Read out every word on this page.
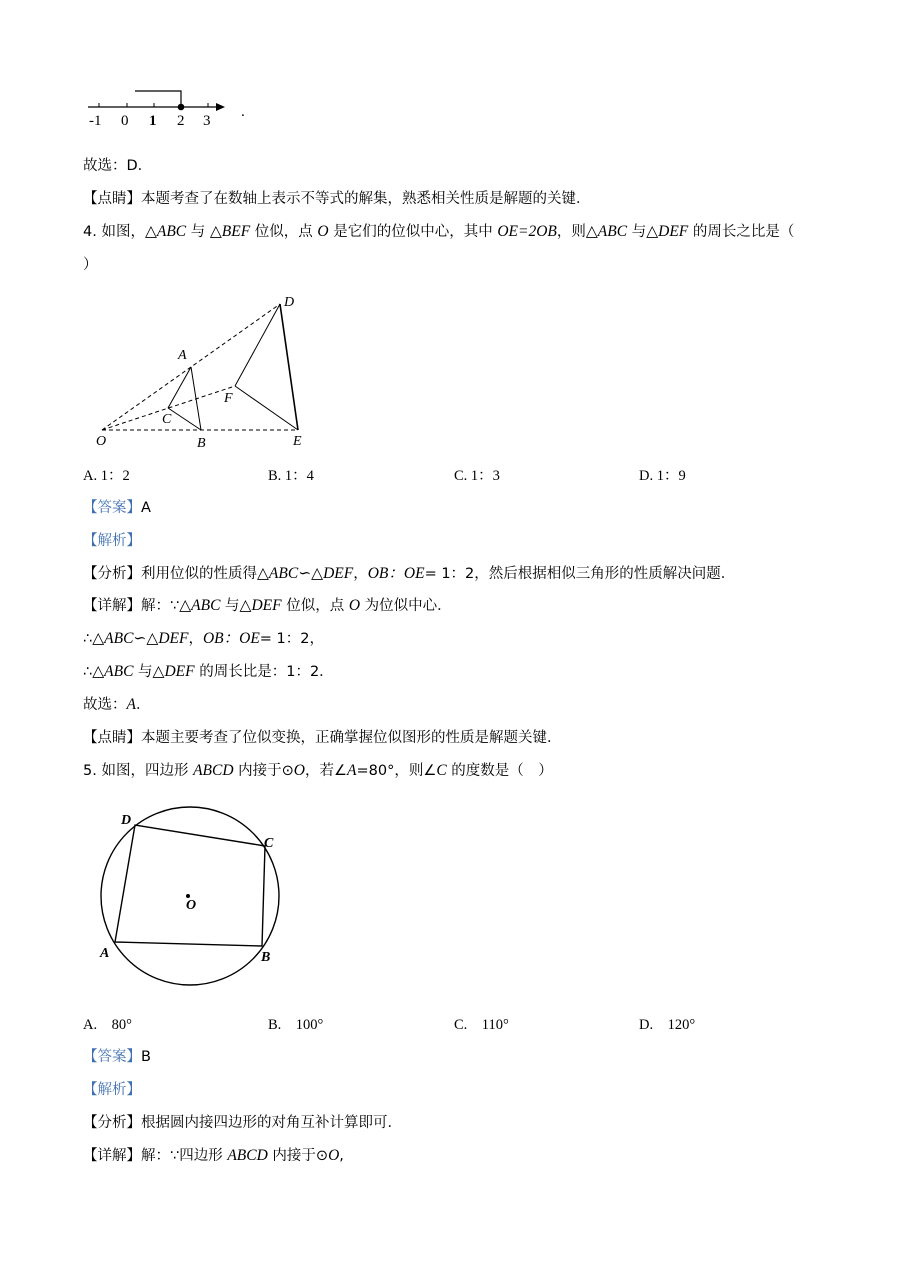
-1 0 1 2 3
.
故选：D．
【点睛】本题考查了在数轴上表示不等式的解集，熟悉相关性质是解题的关键．
4. 如图，△ABC 与 △BEF 位似，点 O 是它们的位似中心，其中 OE=2OB，则△ABC 与△DEF 的周长之比是（
）
D
A
F
C
O	B	E
A. 1：2	B. 1：4	C. 1：3	D. 1：9
【答案】A
【解析】
【分析】利用位似的性质得△ABC∽△DEF，OB：OE= 1：2，然后根据相似三角形的性质解决问题．
【详解】解：∵△ABC 与△DEF 位似，点 O 为位似中心．
∴△ABC∽△DEF，OB：OE= 1：2，
∴△ABC 与△DEF 的周长比是：1：2．
故选：A．
【点睛】本题主要考查了位似变换，正确掌握位似图形的性质是解题关键．
5. 如图，四边形 ABCD 内接于⊙O，若∠A=80°，则∠C 的度数是（　）
D
C
O
A	B
A.　80°	B.　100°	C.　110°	D.　120°
【答案】B
【解析】
【分析】根据圆内接四边形的对角互补计算即可．
【详解】解：∵四边形 ABCD 内接于⊙O,
